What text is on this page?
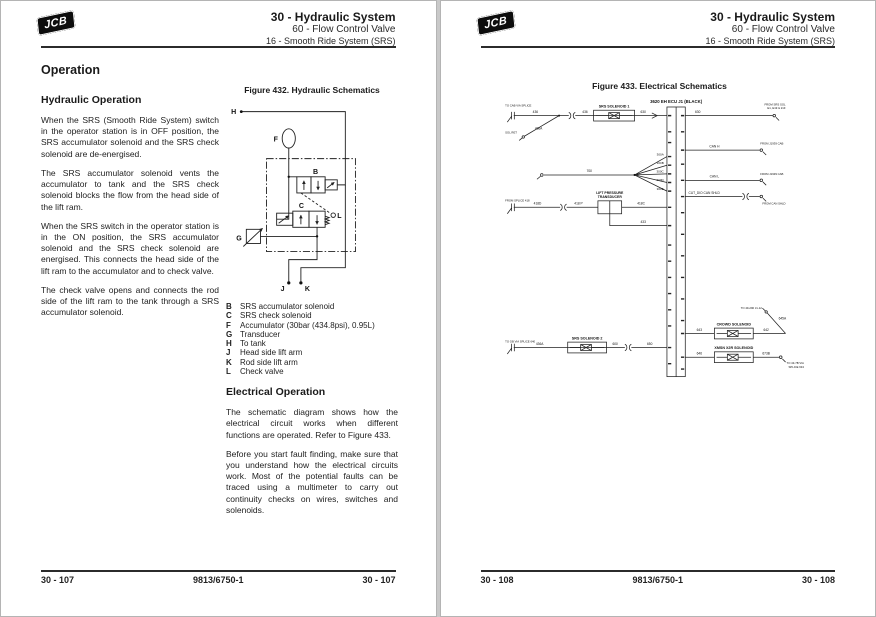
JCB	30 - Hydraulic System
60 - Flow Control Valve
16 - Smooth Ride System (SRS)
Operation
Hydraulic Operation

When the SRS (Smooth Ride System) switch in the operator station is in OFF position, the SRS accumulator solenoid and the SRS check solenoid are de-energised.

The SRS accumulator solenoid vents the accumulator to tank and the SRS check solenoid blocks the flow from the head side of the lift ram.

When the SRS switch in the operator station is in the ON position, the SRS accumulator solenoid and the SRS check solenoid are energised. This connects the head side of the lift ram to the accumulator and to check valve.

The check valve opens and connects the rod side of the lift ram to the tank through a SRS accumulator solenoid.

Figure 432. Hydraulic Schematics
H
F
B
C
L
G
J	K
B	SRS accumulator solenoid
C	SRS check solenoid
F	Accumulator (30bar (434.8psi), 0.95L)
G Transducer
H	To tank
J	Head side lift arm
K	Rod side lift arm
L	Check valve
Electrical Operation

The schematic diagram shows how the electrical circuit works when different functions are operated. Refer to Figure 433.

Before you start fault finding, make sure that you understand how the electrical circuits work. Most of the potential faults can be traced using a multimeter to carry out continuity checks on wires, switches and solenoids.

30 - 107	9813/6750-1	30 - 107
JCB	30 - Hydraulic System
60 - Flow Control Valve
16 - Smooth Ride System (SRS)
Figure 433. Electrical Schematics
TO CAB VIA SPLICE
436	436
SRS SOLENOID 1
630
SOL RET
436A
700
300A
300B
300C
300D
300E
FROM SPLICE 418
418D	418 P
LIFT PRESSURE
TRANSDUCER
418C
433
3620 EH ECU J1 (BLACK)
630
FROM SRS SOL
E1, E19 & 21F
CAN H
FROM J1939 CAB
CAN L
FROM J1939 CAB
CUT_DIO CAN SHLD
FROM CAN SHLD
TO GB VIA SPLICE 640
436A
SRS SOLENOID 2
600	650
643
CROWD SOLENOID
642
TO 49-290 J1-12
645A
646
XMSN X2R SOLENOID
673B
TO 43-7B VIA
SPLICE 634
30 - 108	9813/6750-1	30 - 108
